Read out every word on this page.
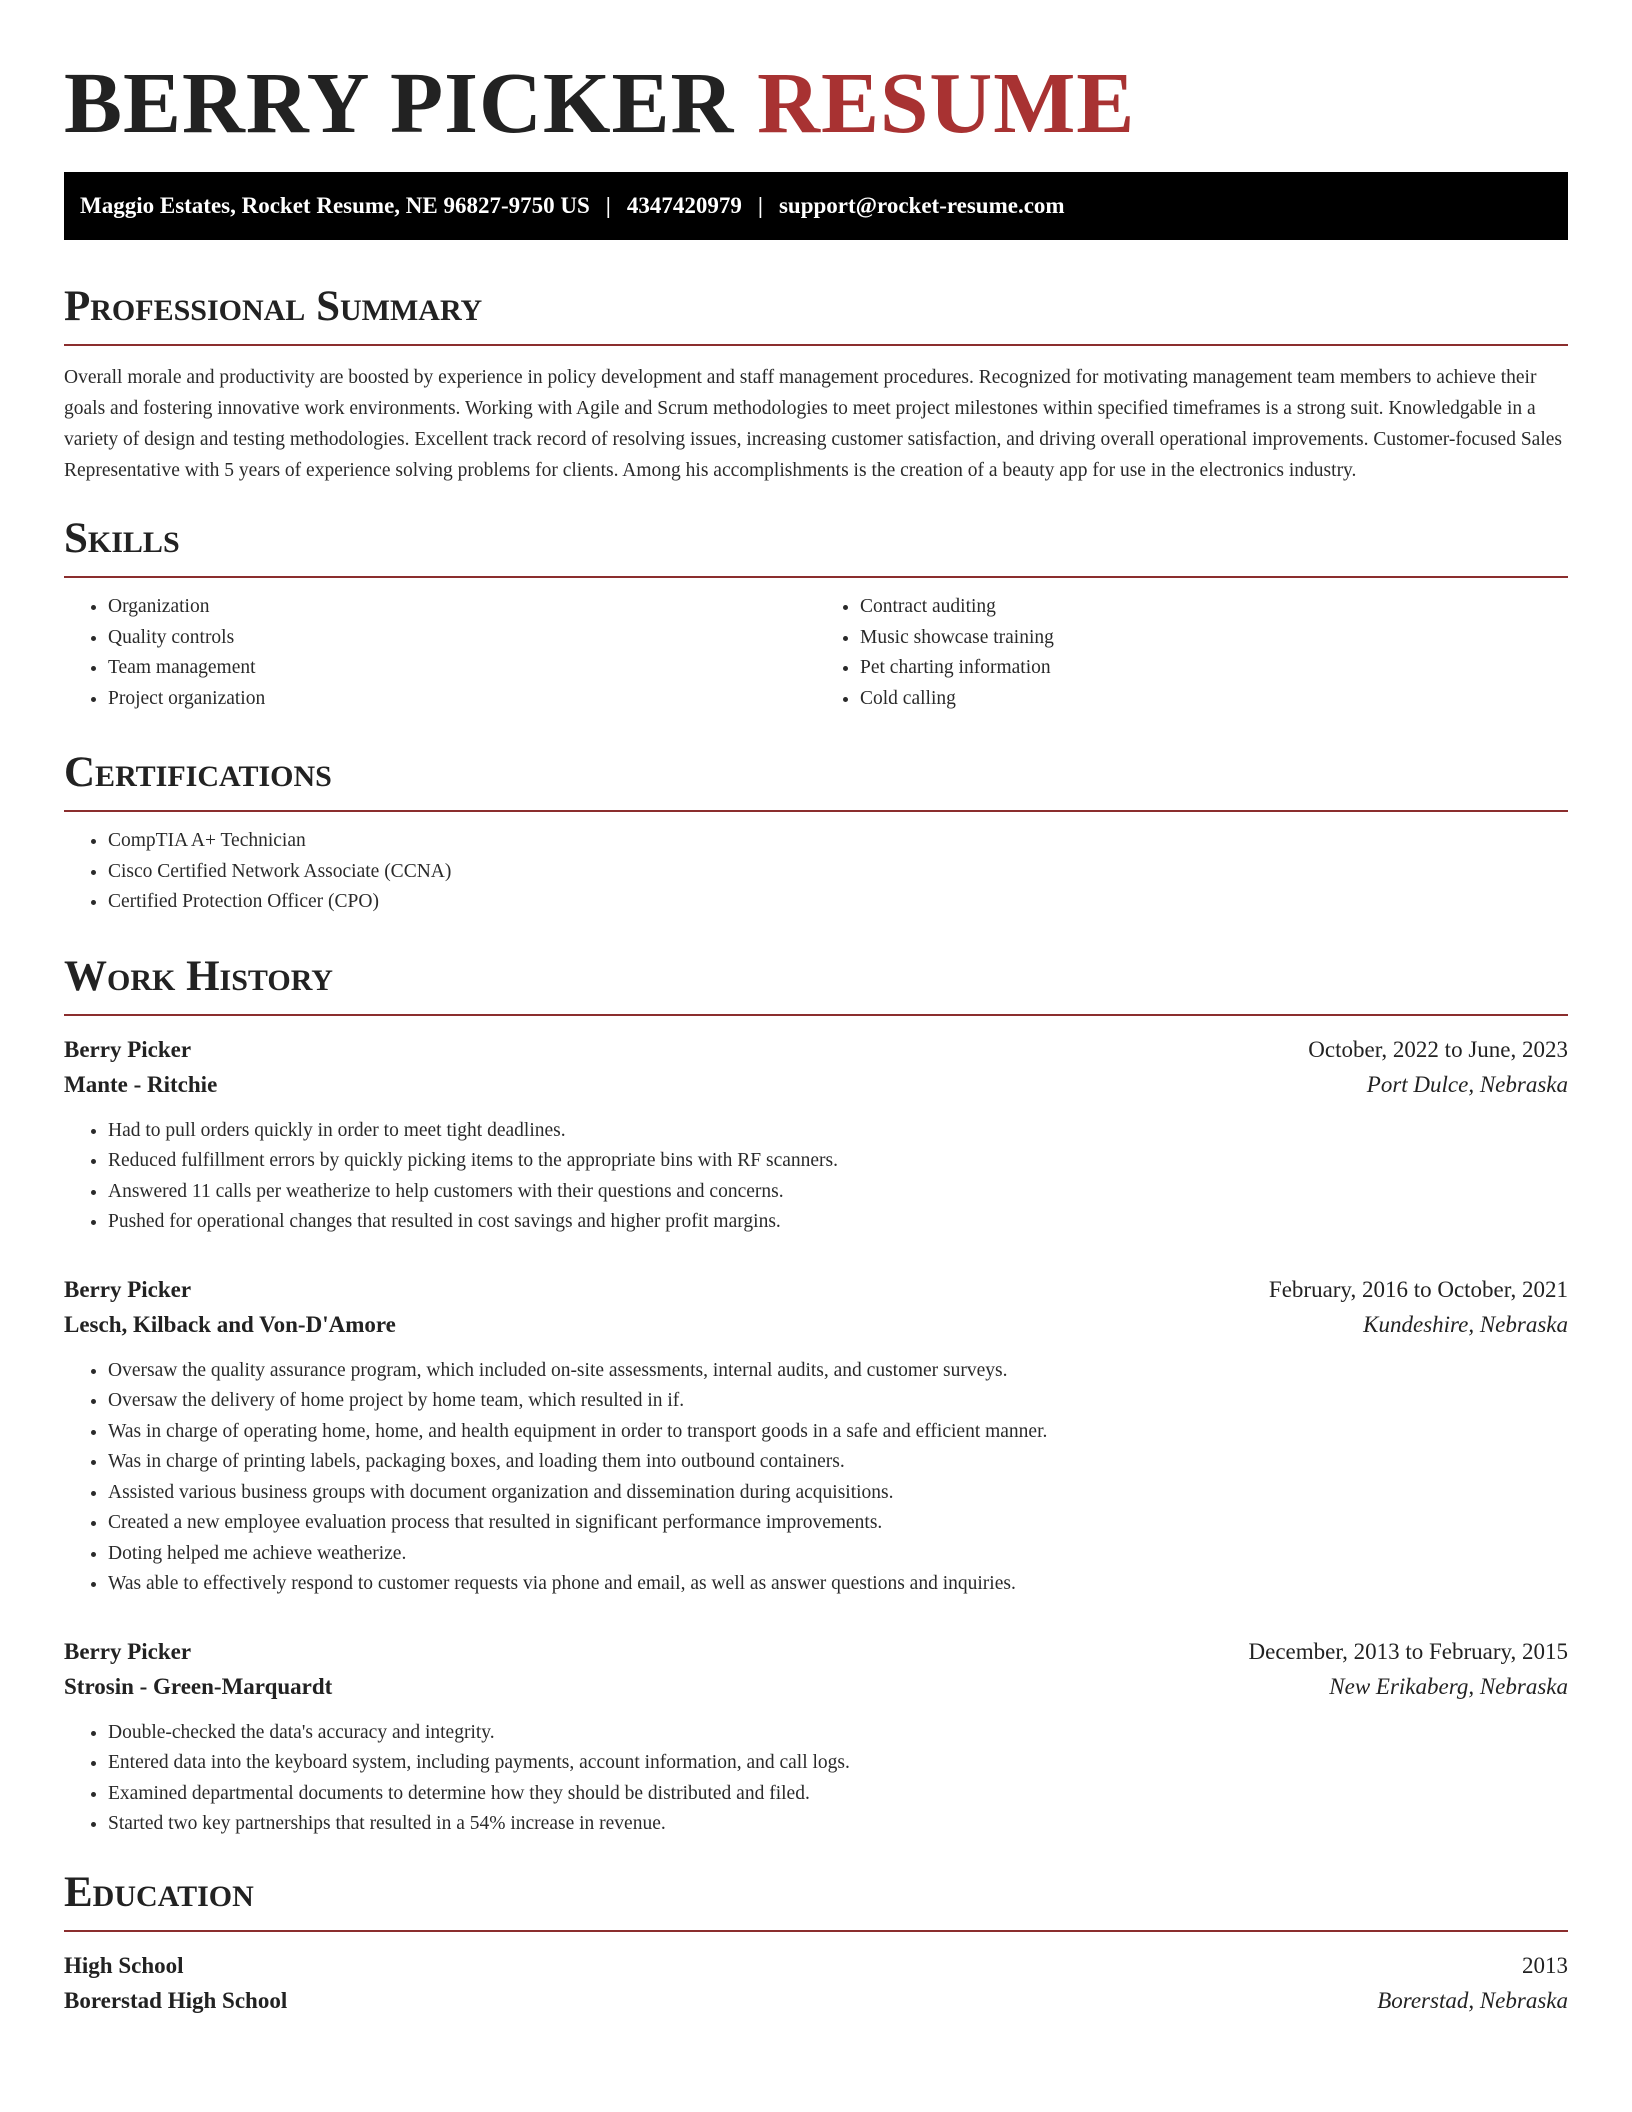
BERRY PICKER RESUME
Maggio Estates, Rocket Resume, NE 96827-9750 US | 4347420979 | support@rocket-resume.com
Professional Summary

Overall morale and productivity are boosted by experience in policy development and staff management procedures. Recognized for motivating management team members to achieve their goals and fostering innovative work environments. Working with Agile and Scrum methodologies to meet project milestones within specified timeframes is a strong suit. Knowledgable in a variety of design and testing methodologies. Excellent track record of resolving issues, increasing customer satisfaction, and driving overall operational improvements. Customer-focused Sales Representative with 5 years of experience solving problems for clients. Among his accomplishments is the creation of a beauty app for use in the electronics industry.

Skills
• Organization
• Quality controls
• Team management
• Project organization
• Contract auditing
• Music showcase training
• Pet charting information
• Cold calling
Certifications
• CompTIA A+ Technician
• Cisco Certified Network Associate (CCNA)
• Certified Protection Officer (CPO)
Work History
Berry Picker	October, 2022 to June, 2023
Mante - Ritchie	Port Dulce, Nebraska
• Had to pull orders quickly in order to meet tight deadlines.
• Reduced fulfillment errors by quickly picking items to the appropriate bins with RF scanners.
• Answered 11 calls per weatherize to help customers with their questions and concerns.
• Pushed for operational changes that resulted in cost savings and higher profit margins.
Berry Picker	February, 2016 to October, 2021
Lesch, Kilback and Von-D'Amore	Kundeshire, Nebraska
• Oversaw the quality assurance program, which included on-site assessments, internal audits, and customer surveys.
• Oversaw the delivery of home project by home team, which resulted in if.
• Was in charge of operating home, home, and health equipment in order to transport goods in a safe and efficient manner.
• Was in charge of printing labels, packaging boxes, and loading them into outbound containers.
• Assisted various business groups with document organization and dissemination during acquisitions.
• Created a new employee evaluation process that resulted in significant performance improvements.
• Doting helped me achieve weatherize.
• Was able to effectively respond to customer requests via phone and email, as well as answer questions and inquiries.
Berry Picker	December, 2013 to February, 2015
Strosin - Green-Marquardt	New Erikaberg, Nebraska
• Double-checked the data's accuracy and integrity.
• Entered data into the keyboard system, including payments, account information, and call logs.
• Examined departmental documents to determine how they should be distributed and filed.
• Started two key partnerships that resulted in a 54% increase in revenue.
Education
High School	2013
Borerstad High School	Borerstad, Nebraska
